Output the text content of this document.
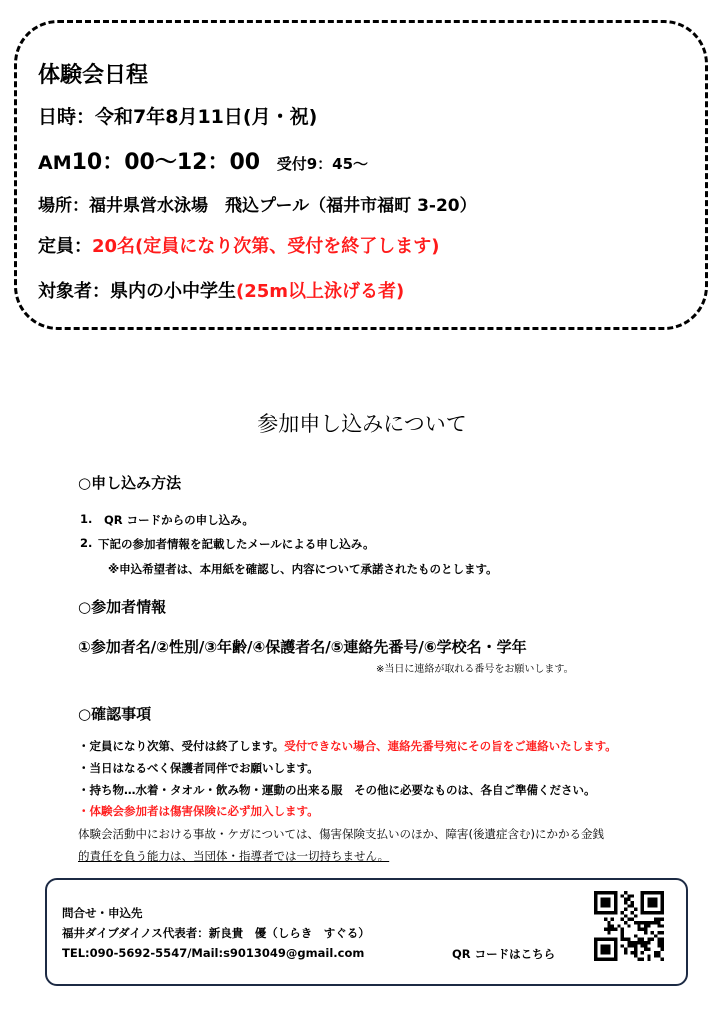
体験会日程
日時：令和7年8月11日(月・祝)
AM10：00～12：00 受付9：45～
場所：福井県営水泳場　飛込プール（福井市福町 3-20）
定員：20名(定員になり次第、受付を終了します)
対象者：県内の小中学生(25m以上泳げる者)
参加申し込みについて
○申し込み方法
1. QR コードからの申し込み。
2. 下記の参加者情報を記載したメールによる申し込み。
※申込希望者は、本用紙を確認し、内容について承諾されたものとします。
○参加者情報
①参加者名/②性別/③年齢/④保護者名/⑤連絡先番号/⑥学校名・学年
※当日に連絡が取れる番号をお願いします。
○確認事項
・定員になり次第、受付は終了します。受付できない場合、連絡先番号宛にその旨をご連絡いたします。
・当日はなるべく保護者同伴でお願いします。
・持ち物…水着・タオル・飲み物・運動の出来る服　その他に必要なものは、各自ご準備ください。
・体験会参加者は傷害保険に必ず加入します。
体験会活動中における事故・ケガについては、傷害保険支払いのほか、障害(後遺症含む)にかかる金銭
的責任を負う能力は、当団体・指導者では一切持ちません。
問合せ・申込先
福井ダイブダイノス代表者：新良貴　優（しらき　すぐる）
TEL:090-5692-5547/Mail:s9013049@gmail.com	QR コードはこちら
